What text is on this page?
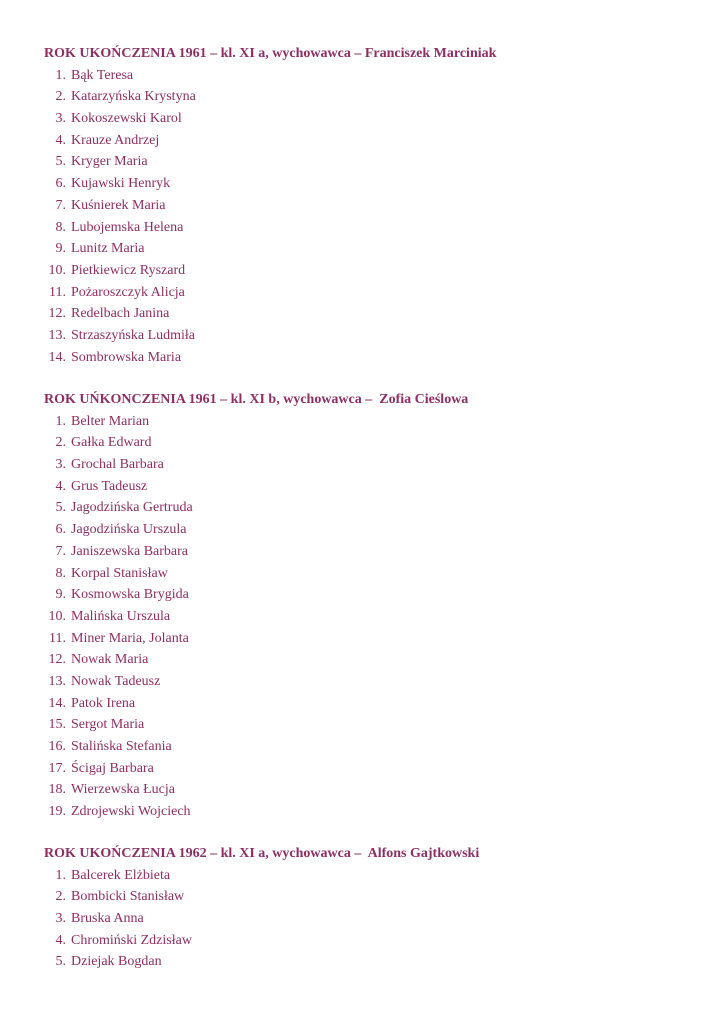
ROK UKOŃCZENIA 1961 – kl. XI a, wychowawca – Franciszek Marciniak
1. Bąk Teresa
2. Katarzyńska Krystyna
3. Kokoszewski Karol
4. Krauze Andrzej
5. Kryger Maria
6. Kujawski Henryk
7. Kuśnierek Maria
8. Lubojemska Helena
9. Lunitz Maria
10. Pietkiewicz Ryszard
11. Pożaroszczyk Alicja
12. Redelbach Janina
13. Strzaszyńska Ludmiła
14. Sombrowska Maria
ROK UŃKONCZENIA 1961 – kl. XI b, wychowawca –  Zofia Cieślowa
1. Belter Marian
2. Gałka Edward
3. Grochal Barbara
4. Grus Tadeusz
5. Jagodzińska Gertruda
6. Jagodzińska Urszula
7. Janiszewska Barbara
8. Korpal Stanisław
9. Kosmowska Brygida
10. Malińska Urszula
11. Miner Maria, Jolanta
12. Nowak Maria
13. Nowak Tadeusz
14. Patok Irena
15. Sergot Maria
16. Stalińska Stefania
17. Ścigaj Barbara
18. Wierzewska Łucja
19. Zdrojewski Wojciech
ROK UKOŃCZENIA 1962 – kl. XI a, wychowawca –  Alfons Gajtkowski
1. Balcerek Elżbieta
2. Bombicki Stanisław
3. Bruska Anna
4. Chromiński Zdzisław
5. Dziejak Bogdan
